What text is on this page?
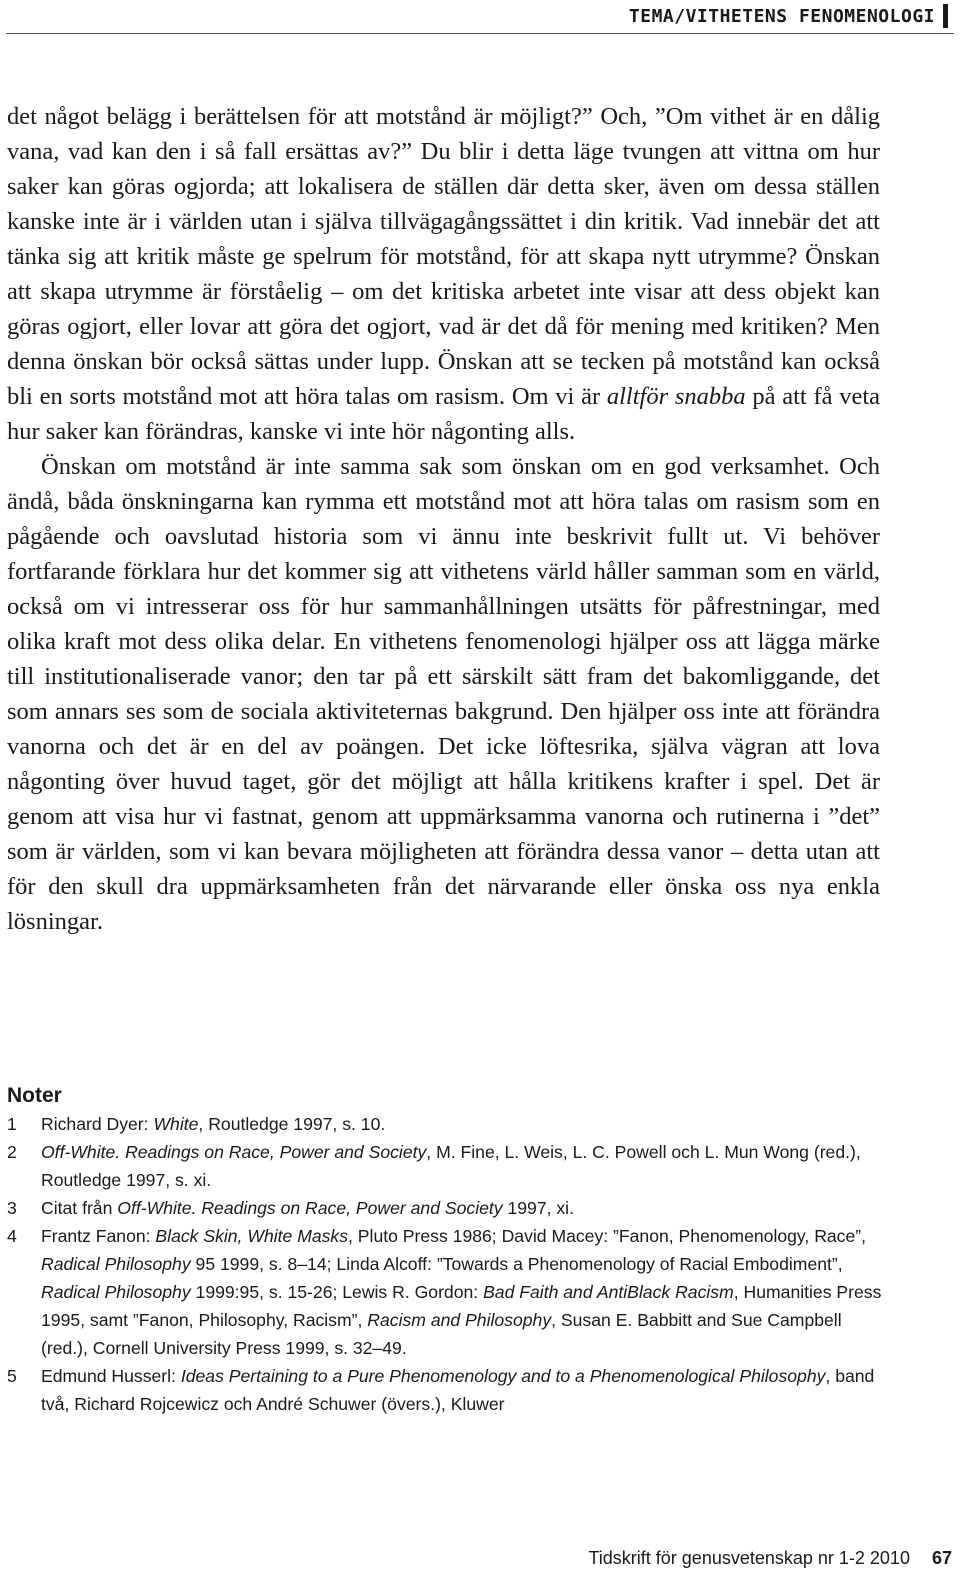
TEMA/VITHETENS FENOMENOLOGI

det något belägg i berättelsen för att motstånd är möjligt?” Och, ”Om vithet är en dålig vana, vad kan den i så fall ersättas av?” Du blir i detta läge tvungen att vittna om hur saker kan göras ogjorda; att lokalisera de ställen där detta sker, även om dessa ställen kanske inte är i världen utan i själva tillvägagångssättet i din kritik. Vad innebär det att tänka sig att kritik måste ge spelrum för motstånd, för att skapa nytt utrymme? Önskan att skapa utrymme är förståelig – om det kritiska arbetet inte visar att dess objekt kan göras ogjort, eller lovar att göra det ogjort, vad är det då för mening med kritiken? Men denna önskan bör också sättas under lupp. Önskan att se tecken på motstånd kan också bli en sorts motstånd mot att höra talas om rasism. Om vi är alltför snabba på att få veta hur saker kan förändras, kanske vi inte hör någonting alls.

Önskan om motstånd är inte samma sak som önskan om en god verksamhet. Och ändå, båda önskningarna kan rymma ett motstånd mot att höra talas om rasism som en pågående och oavslutad historia som vi ännu inte beskrivit fullt ut. Vi behöver fortfarande förklara hur det kommer sig att vithetens värld håller samman som en värld, också om vi intresserar oss för hur sammanhållningen utsätts för påfrestningar, med olika kraft mot dess olika delar. En vithetens fenomenologi hjälper oss att lägga märke till institutionaliserade vanor; den tar på ett särskilt sätt fram det bakomliggande, det som annars ses som de sociala aktiviteternas bakgrund. Den hjälper oss inte att förändra vanorna och det är en del av poängen. Det icke löftesrika, själva vägran att lova någonting över huvud taget, gör det möjligt att hålla kritikens krafter i spel. Det är genom att visa hur vi fastnat, genom att uppmärksamma vanorna och rutinerna i ”det” som är världen, som vi kan bevara möjligheten att förändra dessa vanor – detta utan att för den skull dra uppmärksamheten från det närvarande eller önska oss nya enkla lösningar.

Noter
1	Richard Dyer: White, Routledge 1997, s. 10.
2	Off-White. Readings on Race, Power and Society, M. Fine, L. Weis, L. C. Powell och L. Mun Wong (red.), Routledge 1997, s. xi.
3	Citat från Off-White. Readings on Race, Power and Society 1997, xi.
4	Frantz Fanon: Black Skin, White Masks, Pluto Press 1986; David Macey: ”Fanon, Phenomenology, Race”, Radical Philosophy 95 1999, s. 8–14; Linda Alcoff: ”Towards a Phenomenology of Racial Embodiment”, Radical Philosophy 1999:95, s. 15-26; Lewis R. Gordon: Bad Faith and AntiBlack Racism, Humanities Press 1995, samt ”Fanon, Philosophy, Racism”, Racism and Philosophy, Susan E. Babbitt and Sue Campbell (red.), Cornell University Press 1999, s. 32–49.
5	Edmund Husserl: Ideas Pertaining to a Pure Phenomenology and to a Phenomenological Philosophy, band två, Richard Rojcewicz och André Schuwer (övers.), Kluwer
Tidskrift för genusvetenskap nr 1-2 2010 67
